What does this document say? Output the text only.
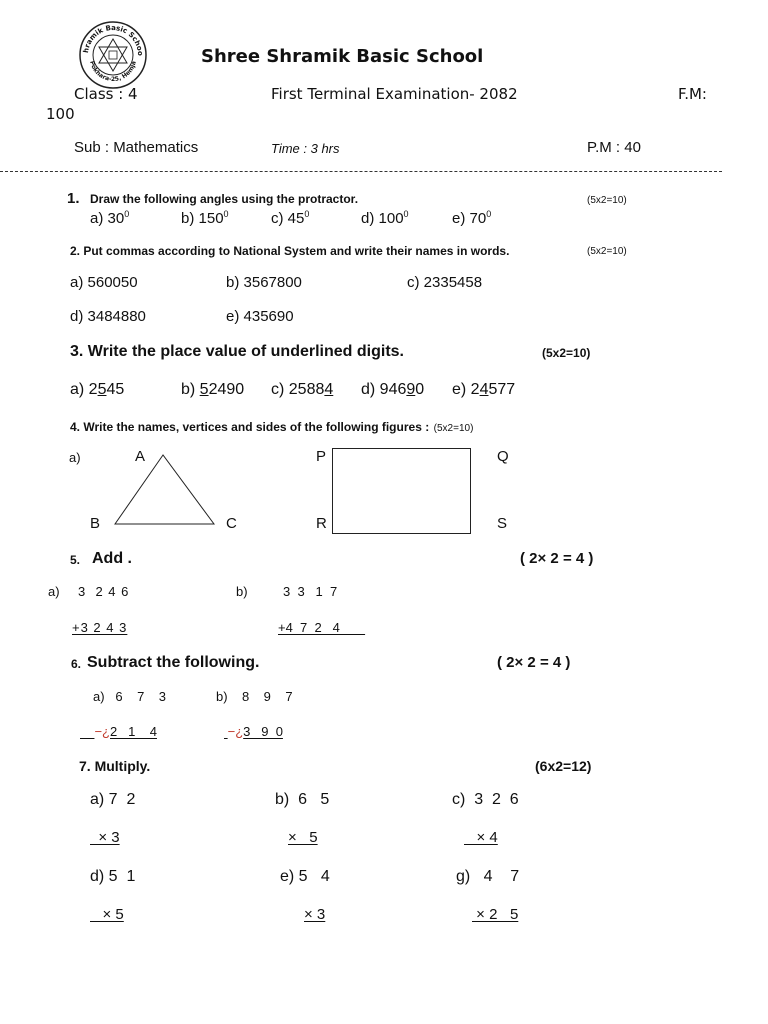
hramik Basic Schoo
Pokhara-25, Hemja	Shree Shramik Basic School
Class : 4	First Terminal Examination- 2082	F.M:
100
Sub : Mathematics	Time : 3 hrs	P.M : 40
1. Draw the following angles using the protractor.	(5x2=10)
a) $30^0$	b) $150^0$	c) $45^0$	d) $100^0$	e) $70^0$
2. Put commas according to National System and write their names in words.	(5x2=10)
a) 560050	b) 3567800	c) 2335458
d) 3484880	e) 435690
3. Write the place value of underlined digits.	(5x2=10)
a) 2545	b) 52490 c) 25884 d) 94690 e) 24577
4. Write the names, vertices and sides of the following figures : (5x2=10)
a)	A
B	C
P	Q
R	S
5. Add .	( 2× 2 = 4 )
a) 3  2 4 6
+3 2 4 3
b)	3  3   1  7
+4  7  2   4
6. Subtract the following.	( 2× 2 = 4 )
a)   6    7    3
−¿2   1    4
b)    8    9    7
−¿3   9  0
7. Multiply.	(6x2=12)
a) 7  2
× 3
b)  6   5
×   5
c)  3  2  6
× 4
d) 5  1
× 5
e) 5   4
× 3
g)   4    7
× 2   5
